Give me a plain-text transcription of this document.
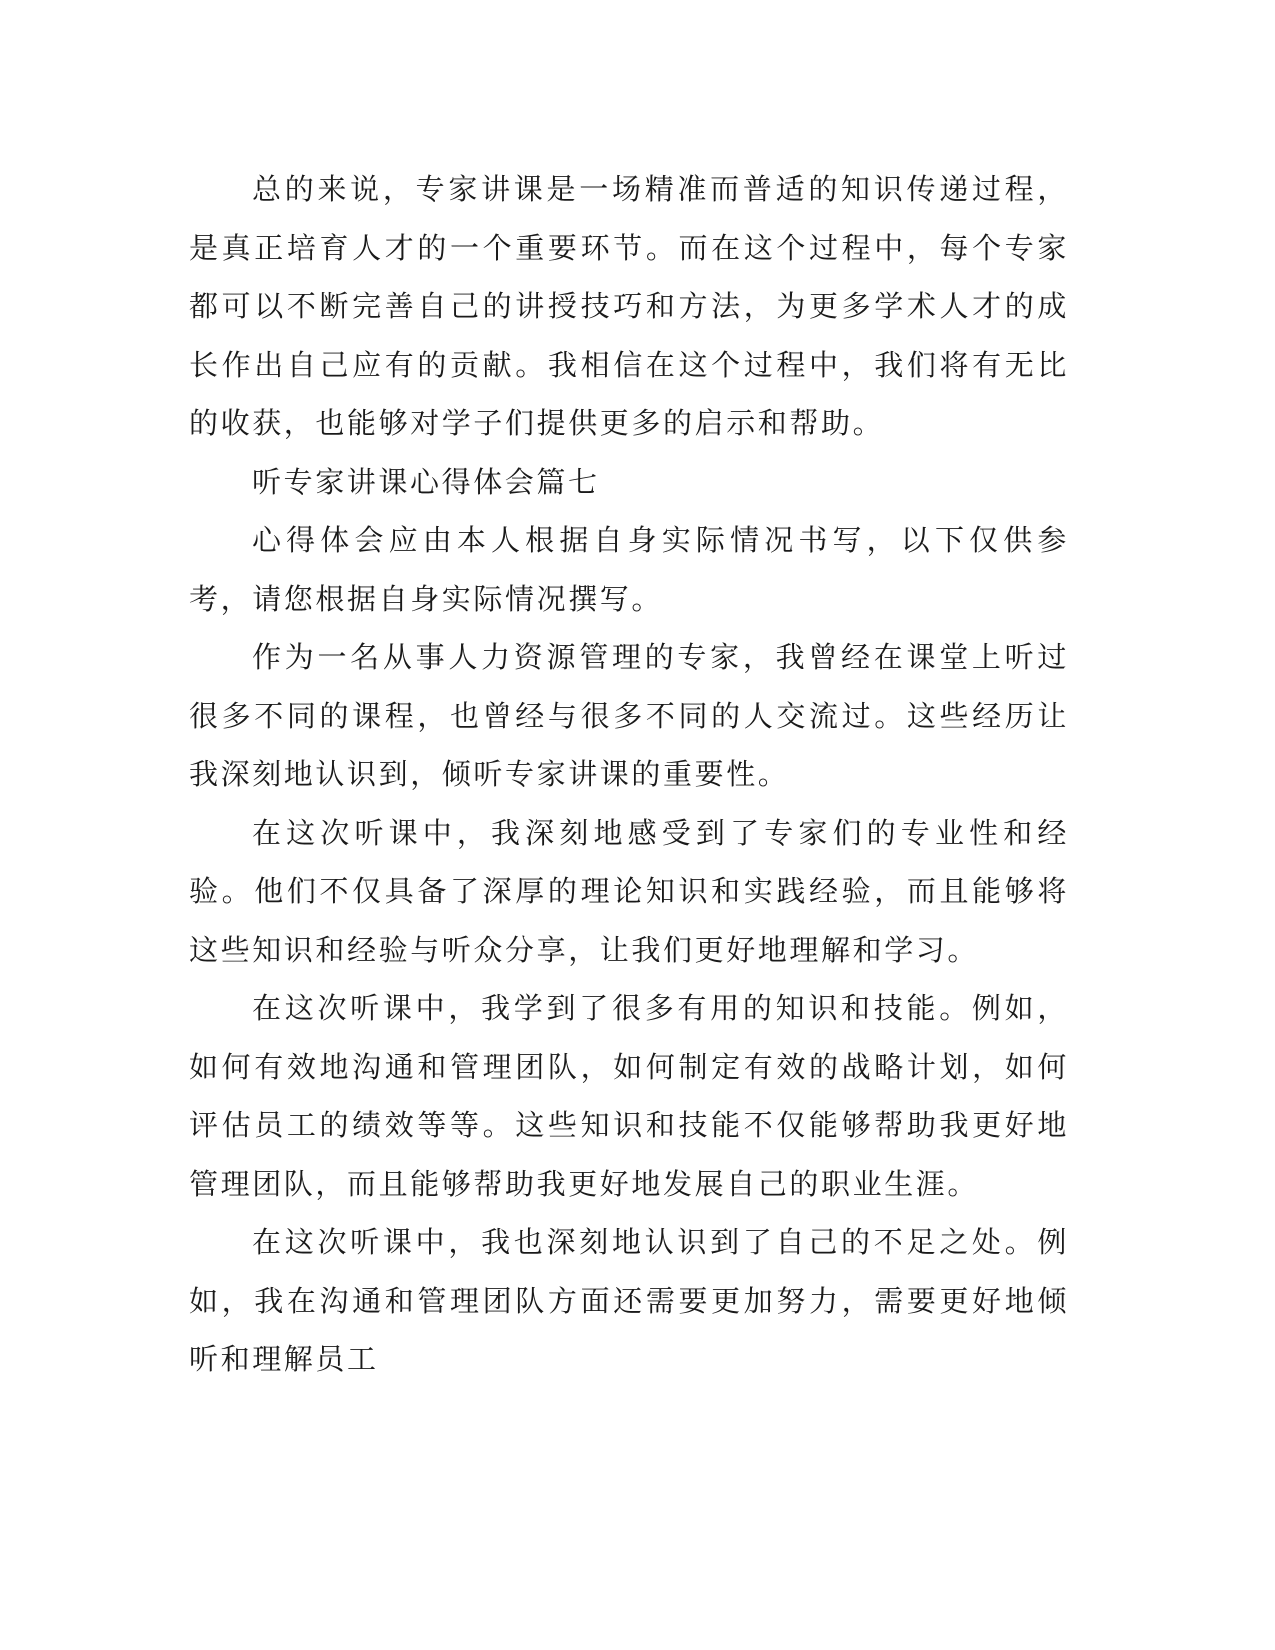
总的来说，专家讲课是一场精准而普适的知识传递过程，是真正培育人才的一个重要环节。而在这个过程中，每个专家都可以不断完善自己的讲授技巧和方法，为更多学术人才的成长作出自己应有的贡献。我相信在这个过程中，我们将有无比的收获，也能够对学子们提供更多的启示和帮助。

听专家讲课心得体会篇七

心得体会应由本人根据自身实际情况书写，以下仅供参考，请您根据自身实际情况撰写。

作为一名从事人力资源管理的专家，我曾经在课堂上听过很多不同的课程，也曾经与很多不同的人交流过。这些经历让我深刻地认识到，倾听专家讲课的重要性。

在这次听课中，我深刻地感受到了专家们的专业性和经验。他们不仅具备了深厚的理论知识和实践经验，而且能够将这些知识和经验与听众分享，让我们更好地理解和学习。

在这次听课中，我学到了很多有用的知识和技能。例如，如何有效地沟通和管理团队，如何制定有效的战略计划，如何评估员工的绩效等等。这些知识和技能不仅能够帮助我更好地管理团队，而且能够帮助我更好地发展自己的职业生涯。

在这次听课中，我也深刻地认识到了自己的不足之处。例如，我在沟通和管理团队方面还需要更加努力，需要更好地倾听和理解员工
